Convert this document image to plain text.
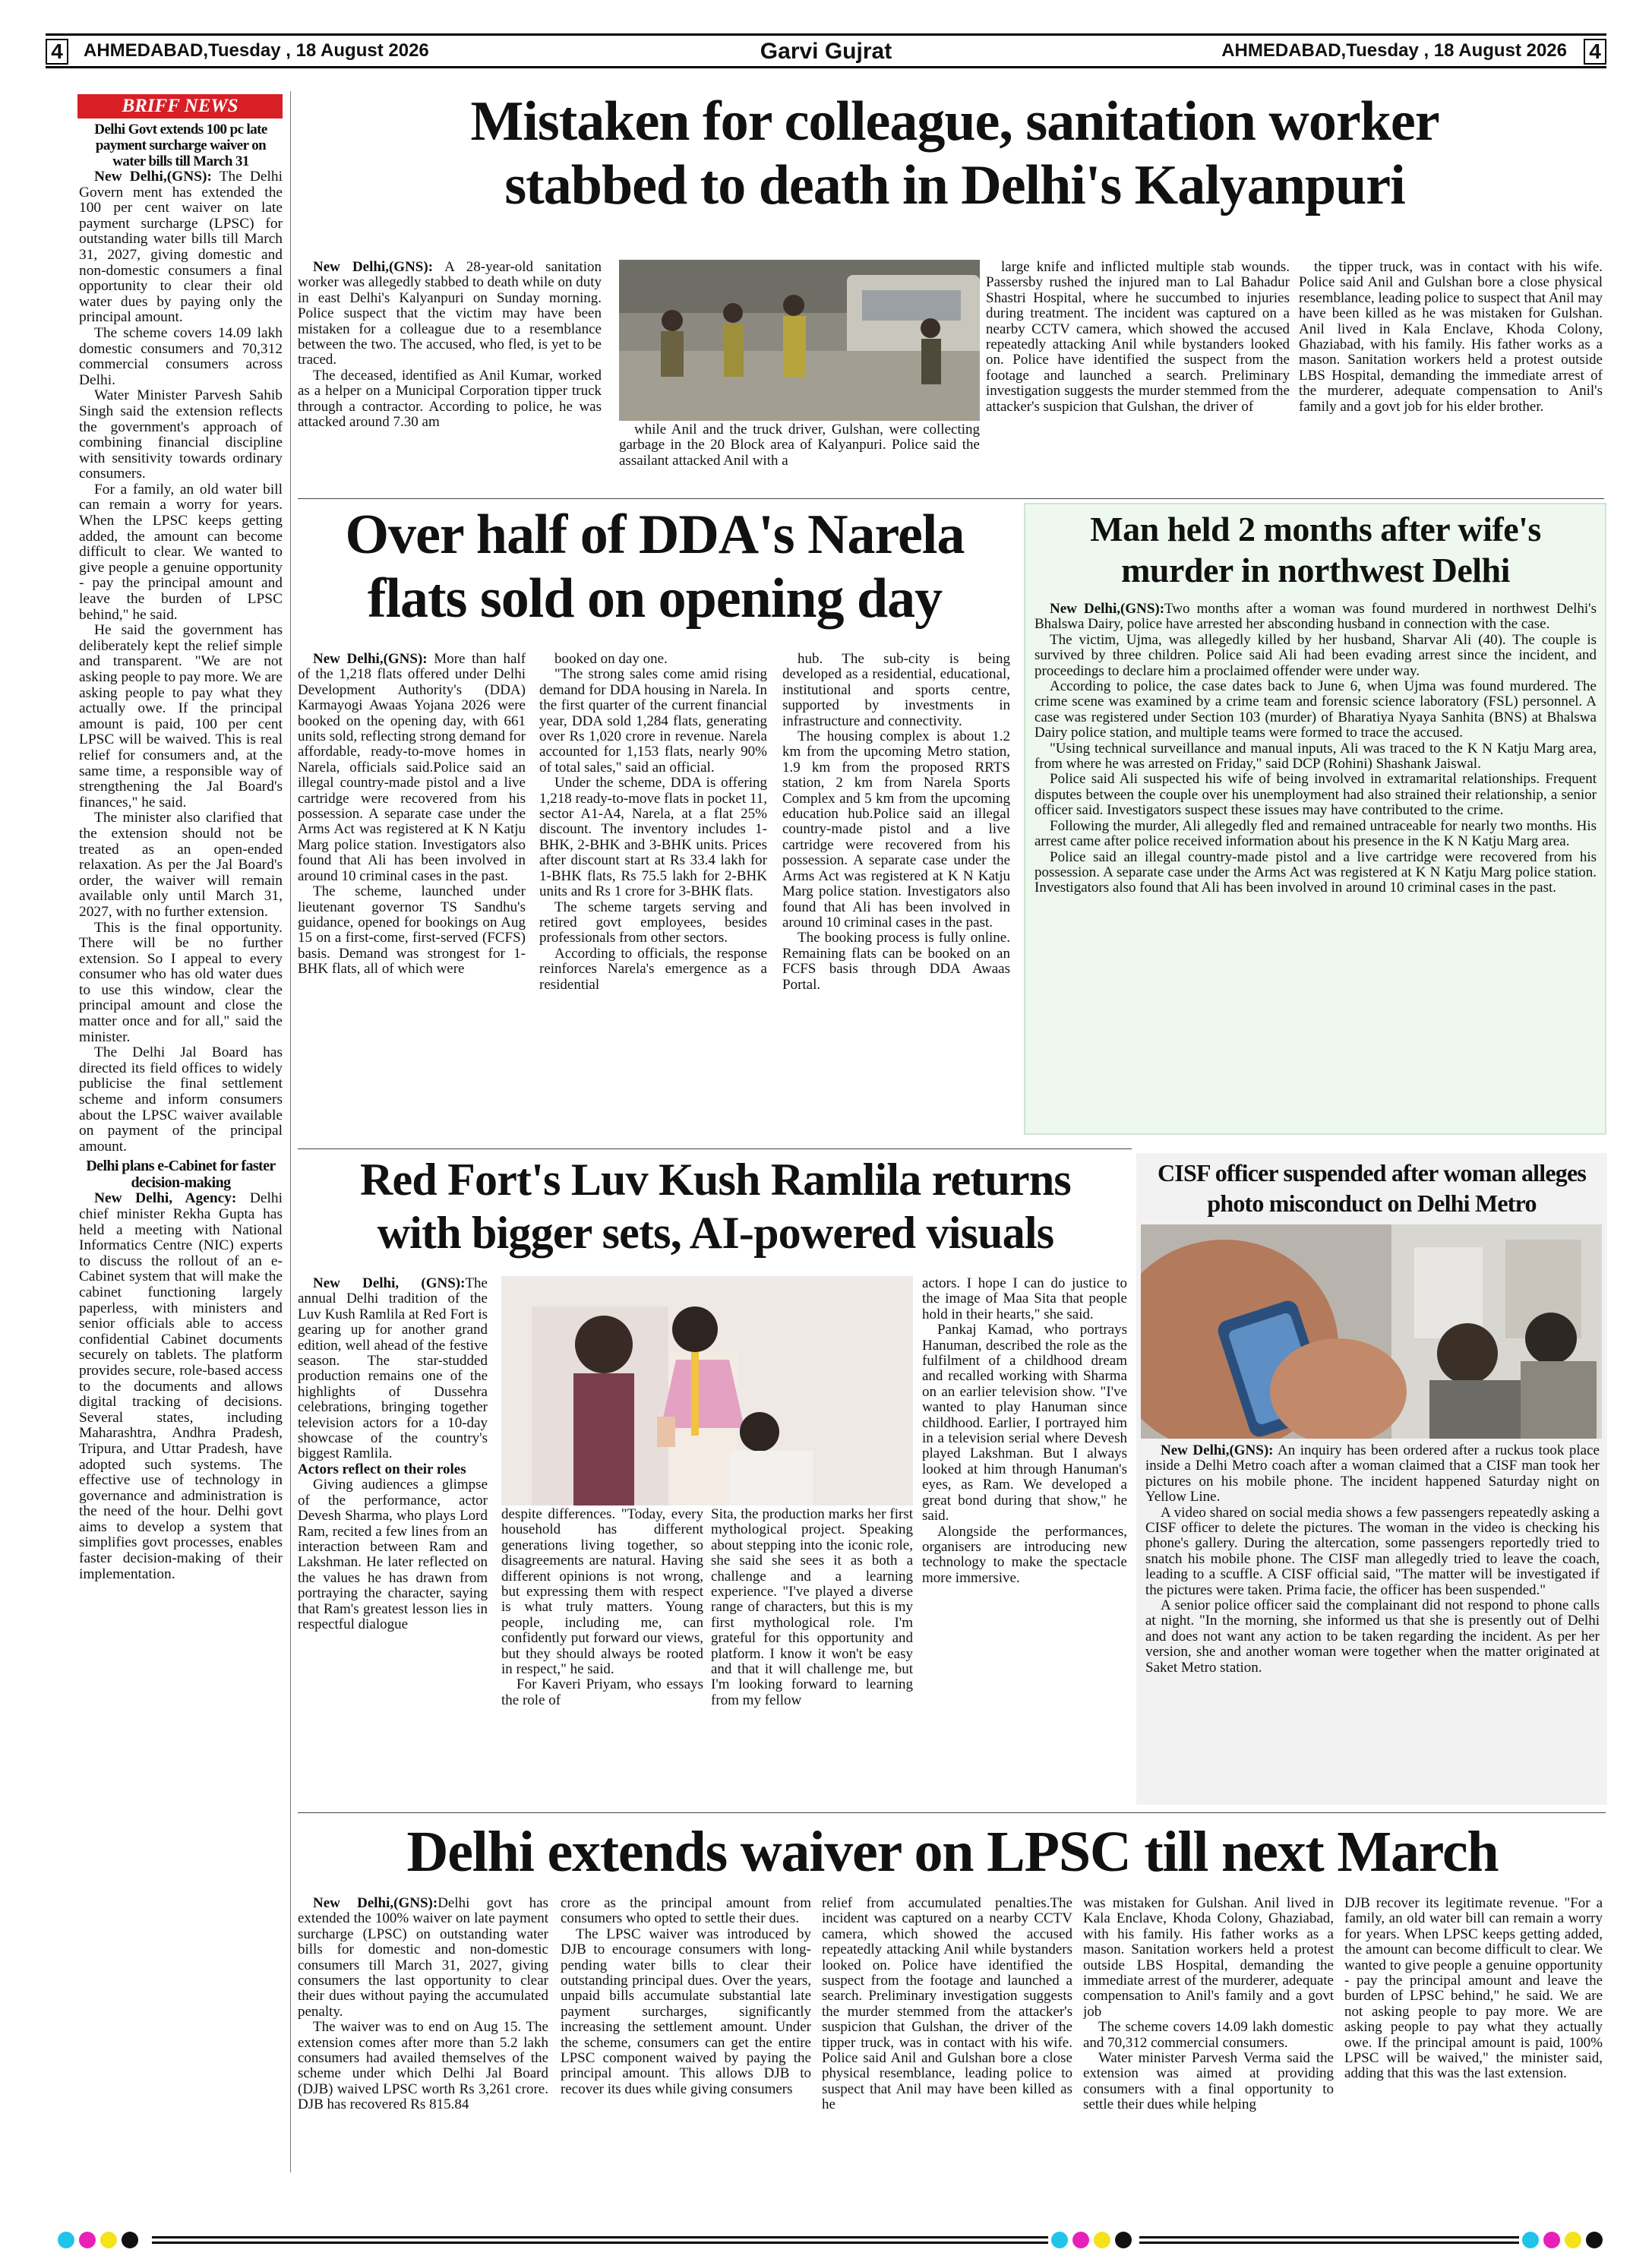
4	AHMEDABAD,Tuesday , 18 August 2026	Garvi Gujrat	AHMEDABAD,Tuesday , 18 August 2026 4
BRIFF NEWS
Delhi Govt extends 100 pc late payment surcharge waiver on water bills till March 31

New Delhi,(GNS): The Delhi Govern ment has extended the 100 per cent waiver on late payment surcharge (LPSC) for outstanding water bills till March 31, 2027, giving domestic and non-domestic consumers a final opportunity to clear their old water dues by paying only the principal amount.

The scheme covers 14.09 lakh domestic consumers and 70,312 commercial consumers across Delhi.

Water Minister Parvesh Sahib Singh said the extension reflects the government's approach of combining financial discipline with sensitivity towards ordinary consumers.

For a family, an old water bill can remain a worry for years. When the LPSC keeps getting added, the amount can become difficult to clear. We wanted to give people a genuine opportunity - pay the principal amount and leave the burden of LPSC behind," he said.

He said the government has deliberately kept the relief simple and transparent. "We are not asking people to pay more. We are asking people to pay what they actually owe. If the principal amount is paid, 100 per cent LPSC will be waived. This is real relief for consumers and, at the same time, a responsible way of strengthening the Jal Board's finances," he said.

The minister also clarified that the extension should not be treated as an open-ended relaxation. As per the Jal Board's order, the waiver will remain available only until March 31, 2027, with no further extension.

This is the final opportunity. There will be no further extension. So I appeal to every consumer who has old water dues to use this window, clear the principal amount and close the matter once and for all," said the minister.

The Delhi Jal Board has directed its field offices to widely publicise the final settlement scheme and inform consumers about the LPSC waiver available on payment of the principal amount.

Delhi plans e-Cabinet for faster decision-making

New Delhi, Agency: Delhi chief minister Rekha Gupta has held a meeting with National Informatics Centre (NIC) experts to discuss the rollout of an e-Cabinet system that will make the cabinet functioning largely paperless, with ministers and senior officials able to access confidential Cabinet documents securely on tablets. The platform provides secure, role-based access to the documents and allows digital tracking of decisions. Several states, including Maharashtra, Andhra Pradesh, Tripura, and Uttar Pradesh, have adopted such systems. The effective use of technology in governance and administration is the need of the hour. Delhi govt aims to develop a system that simplifies govt processes, enables faster decision-making of their implementation.

Mistaken for colleague, sanitation worker
stabbed to death in Delhi's Kalyanpuri

New Delhi,(GNS): A 28-year-old sanitation worker was allegedly stabbed to death while on duty in east Delhi's Kalyanpuri on Sunday morning. Police suspect that the victim may have been mistaken for a colleague due to a resemblance between the two. The accused, who fled, is yet to be traced.

The deceased, identified as Anil Kumar, worked as a helper on a Municipal Corporation tipper truck through a contractor. According to police, he was attacked around 7.30 am	while Anil and the truck driver, Gulshan, were collecting garbage in the 20 Block area of Kalyanpuri. Police said the assailant attacked Anil with a

large knife and inflicted multiple stab wounds. Passersby rushed the injured man to Lal Bahadur Shastri Hospital, where he succumbed to injuries during treatment. The incident was captured on a nearby CCTV camera, which showed the accused repeatedly attacking Anil while bystanders looked on. Police have identified the suspect from the footage and launched a search. Preliminary investigation suggests the murder stemmed from the attacker's suspicion that Gulshan, the driver of

the tipper truck, was in contact with his wife. Police said Anil and Gulshan bore a close physical resemblance, leading police to suspect that Anil may have been killed as he was mistaken for Gulshan. Anil lived in Kala Enclave, Khoda Colony, Ghaziabad, with his family. His father works as a mason. Sanitation workers held a protest outside LBS Hospital, demanding the immediate arrest of the murderer, adequate compensation to Anil's family and a govt job for his elder brother.

Over half of DDA's Narela
flats sold on opening day

New Delhi,(GNS): More than half of the 1,218 flats offered under Delhi Development Authority's (DDA) Karmayogi Awaas Yojana 2026 were booked on the opening day, with 661 units sold, reflecting strong demand for affordable, ready-to-move homes in Narela, officials said.Police said an illegal country-made pistol and a live cartridge were recovered from his possession. A separate case under the Arms Act was registered at K N Katju Marg police station. Investigators also found that Ali has been involved in around 10 criminal cases in the past.

The scheme, launched under lieutenant governor TS Sandhu's guidance, opened for bookings on Aug 15 on a first-come, first-served (FCFS) basis. Demand was strongest for 1-BHK flats, all of which were

booked on day one.

"The strong sales come amid rising demand for DDA housing in Narela. In the first quarter of the current financial year, DDA sold 1,284 flats, generating over Rs 1,020 crore in revenue. Narela accounted for 1,153 flats, nearly 90% of total sales," said an official.

Under the scheme, DDA is offering 1,218 ready-to-move flats in pocket 11, sector A1-A4, Narela, at a flat 25% discount. The inventory includes 1-BHK, 2-BHK and 3-BHK units. Prices after discount start at Rs 33.4 lakh for 1-BHK flats, Rs 75.5 lakh for 2-BHK units and Rs 1 crore for 3-BHK flats.

The scheme targets serving and retired govt employees, besides professionals from other sectors.

According to officials, the response reinforces Narela's emergence as a residential

hub. The sub-city is being developed as a residential, educational, institutional and sports centre, supported by investments in infrastructure and connectivity.

The housing complex is about 1.2 km from the upcoming Metro station, 1.9 km from the proposed RRTS station, 2 km from Narela Sports Complex and 5 km from the upcoming education hub.Police said an illegal country-made pistol and a live cartridge were recovered from his possession. A separate case under the Arms Act was registered at K N Katju Marg police station. Investigators also found that Ali has been involved in around 10 criminal cases in the past.

The booking process is fully online. Remaining flats can be booked on an FCFS basis through DDA Awaas Portal.

Man held 2 months after wife's
murder in northwest Delhi

New Delhi,(GNS):Two months after a woman was found murdered in northwest Delhi's Bhalswa Dairy, police have arrested her absconding husband in connection with the case.

The victim, Ujma, was allegedly killed by her husband, Sharvar Ali (40). The couple is survived by three children. Police said Ali had been evading arrest since the incident, and proceedings to declare him a proclaimed offender were under way.

According to police, the case dates back to June 6, when Ujma was found murdered. The crime scene was examined by a crime team and forensic science laboratory (FSL) personnel. A case was registered under Section 103 (murder) of Bharatiya Nyaya Sanhita (BNS) at Bhalswa Dairy police station, and multiple teams were formed to trace the accused.

"Using technical surveillance and manual inputs, Ali was traced to the K N Katju Marg area, from where he was arrested on Friday," said DCP (Rohini) Shashank Jaiswal.

Police said Ali suspected his wife of being involved in extramarital relationships. Frequent disputes between the couple over his unemployment had also strained their relationship, a senior officer said. Investigators suspect these issues may have contributed to the crime.

Following the murder, Ali allegedly fled and remained untraceable for nearly two months. His arrest came after police received information about his presence in the K N Katju Marg area.

Police said an illegal country-made pistol and a live cartridge were recovered from his possession. A separate case under the Arms Act was registered at K N Katju Marg police station. Investigators also found that Ali has been involved in around 10 criminal cases in the past.

Red Fort's Luv Kush Ramlila returns
with bigger sets, AI-powered visuals

New Delhi, (GNS):The annual Delhi tradition of the Luv Kush Ramlila at Red Fort is gearing up for another grand edition, well ahead of the festive season. The star-studded production remains one of the highlights of Dussehra celebrations, bringing together television actors for a 10-day showcase of the country's biggest Ramlila.

Actors reflect on their roles

Giving audiences a glimpse of the performance, actor Devesh Sharma, who plays Lord Ram, recited a few lines from an interaction between Ram and Lakshman. He later reflected on the values he has drawn from portraying the character, saying that Ram's greatest lesson lies in respectful dialogue

despite differences. "Today, every household has different generations living together, so disagreements are natural. Having different opinions is not wrong, but expressing them with respect is what truly matters. Young people, including me, can confidently put forward our views, but they should always be rooted in respect," he said.

For Kaveri Priyam, who essays the role of

Sita, the production marks her first mythological project. Speaking about stepping into the iconic role, she said she sees it as both a challenge and a learning experience. "I've played a diverse range of characters, but this is my first mythological role. I'm grateful for this opportunity and platform. I know it won't be easy and that it will challenge me, but I'm looking forward to learning from my fellow

actors. I hope I can do justice to the image of Maa Sita that people hold in their hearts," she said.

Pankaj Kamad, who portrays Hanuman, described the role as the fulfilment of a childhood dream and recalled working with Sharma on an earlier television show. "I've wanted to play Hanuman since childhood. Earlier, I portrayed him in a television serial where Devesh played Lakshman. But I always looked at him through Hanuman's eyes, as Ram. We developed a great bond during that show," he said.

Alongside the performances, organisers are introducing new technology to make the spectacle more immersive.

CISF officer suspended after woman alleges
photo misconduct on Delhi Metro

New Delhi,(GNS): An inquiry has been ordered after a ruckus took place inside a Delhi Metro coach after a woman claimed that a CISF man took her pictures on his mobile phone. The incident happened Saturday night on Yellow Line.

A video shared on social media shows a few passengers repeatedly asking a CISF officer to delete the pictures. The woman in the video is checking his phone's gallery. During the altercation, some passengers reportedly tried to snatch his mobile phone. The CISF man allegedly tried to leave the coach, leading to a scuffle. A CISF official said, "The matter will be investigated if the pictures were taken. Prima facie, the officer has been suspended."

A senior police officer said the complainant did not respond to phone calls at night. "In the morning, she informed us that she is presently out of Delhi and does not want any action to be taken regarding the incident. As per her version, she and another woman were together when the matter originated at Saket Metro station.

Delhi extends waiver on LPSC till next March

New Delhi,(GNS):Delhi govt has extended the 100% waiver on late payment surcharge (LPSC) on outstanding water bills for domestic and non-domestic consumers till March 31, 2027, giving consumers the last opportunity to clear their dues without paying the accumulated penalty.

The waiver was to end on Aug 15. The extension comes after more than 5.2 lakh consumers had availed themselves of the scheme under which Delhi Jal Board (DJB) waived LPSC worth Rs 3,261 crore. DJB has recovered Rs 815.84

crore as the principal amount from consumers who opted to settle their dues.

The LPSC waiver was introduced by DJB to encourage consumers with long-pending water bills to clear their outstanding principal dues. Over the years, unpaid bills accumulate substantial late payment surcharges, significantly increasing the settlement amount. Under the scheme, consumers can get the entire LPSC component waived by paying the principal amount. This allows DJB to recover its dues while giving consumers

relief from accumulated penalties.The incident was captured on a nearby CCTV camera, which showed the accused repeatedly attacking Anil while bystanders looked on. Police have identified the suspect from the footage and launched a search. Preliminary investigation suggests the murder stemmed from the attacker's suspicion that Gulshan, the driver of the tipper truck, was in contact with his wife. Police said Anil and Gulshan bore a close physical resemblance, leading police to suspect that Anil may have been killed as he

was mistaken for Gulshan. Anil lived in Kala Enclave, Khoda Colony, Ghaziabad, with his family. His father works as a mason. Sanitation workers held a protest outside LBS Hospital, demanding the immediate arrest of the murderer, adequate compensation to Anil's family and a govt job

The scheme covers 14.09 lakh domestic and 70,312 commercial consumers.

Water minister Parvesh Verma said the extension was aimed at providing consumers with a final opportunity to settle their dues while helping

DJB recover its legitimate revenue. "For a family, an old water bill can remain a worry for years. When LPSC keeps getting added, the amount can become difficult to clear. We wanted to give people a genuine opportunity - pay the principal amount and leave the burden of LPSC behind," he said. We are not asking people to pay more. We are asking people to pay what they actually owe. If the principal amount is paid, 100% LPSC will be waived," the minister said, adding that this was the last extension.
